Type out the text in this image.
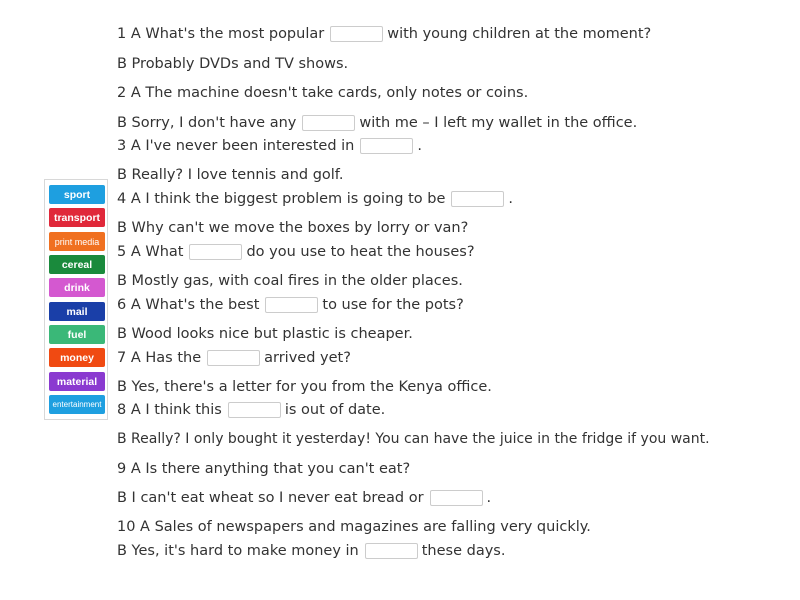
sport
transport
print media
cereal
drink
mail
fuel
money
material
entertainment
1 A What's the most popular	with young children at the moment?
B Probably DVDs and TV shows.
2 A The machine doesn't take cards, only notes or coins.
B Sorry, I don't have any	with me – I left my wallet in the office.
3 A I've never been interested in	.
B Really? I love tennis and golf.
4 A I think the biggest problem is going to be	.
B Why can't we move the boxes by lorry or van?
5 A What	do you use to heat the houses?
B Mostly gas, with coal fires in the older places.
6 A What's the best	to use for the pots?
B Wood looks nice but plastic is cheaper.
7 A Has the	arrived yet?
B Yes, there's a letter for you from the Kenya office.
8 A I think this	is out of date.
B Really? I only bought it yesterday! You can have the juice in the fridge if you want.
9 A Is there anything that you can't eat?
B I can't eat wheat so I never eat bread or	.
10 A Sales of newspapers and magazines are falling very quickly.
B Yes, it's hard to make money in	these days.
